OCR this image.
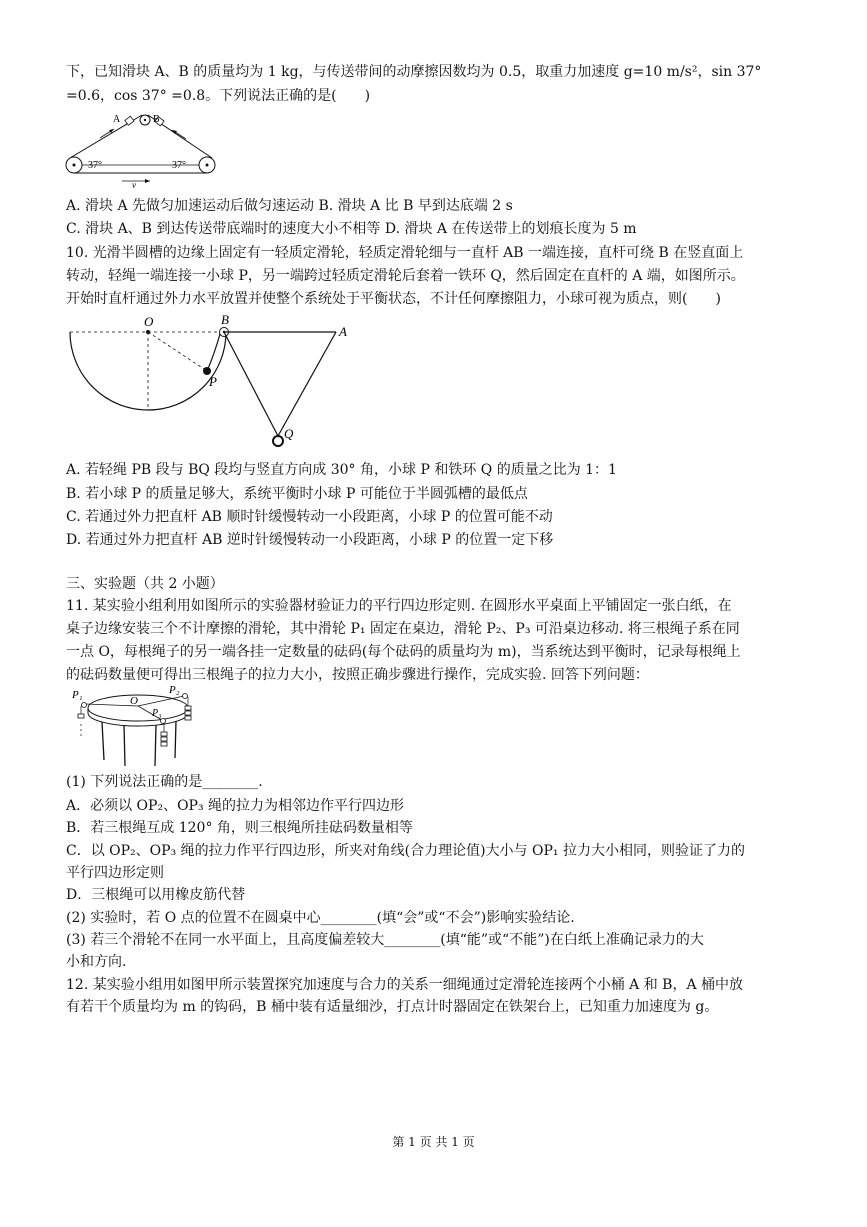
下，已知滑块 A、B 的质量均为 1 kg，与传送带间的动摩擦因数均为 0.5，取重力加速度 g=10 m/s²，sin 37°
=0.6，cos 37° =0.8。下列说法正确的是(　　)
A	B
37°	37°
v
A. 滑块 A 先做匀加速运动后做匀速运动 B. 滑块 A 比 B 早到达底端 2 s
C. 滑块 A、B 到达传送带底端时的速度大小不相等 D. 滑块 A 在传送带上的划痕长度为 5 m
10. 光滑半圆槽的边缘上固定有一轻质定滑轮，轻质定滑轮细与一直杆 AB 一端连接，直杆可绕 B 在竖直面上
转动，轻绳一端连接一小球 P，另一端跨过轻质定滑轮后套着一铁环 Q，然后固定在直杆的 A 端，如图所示。
开始时直杆通过外力水平放置并使整个系统处于平衡状态，不计任何摩擦阻力，小球可视为质点，则(　　)
O	B
A
P
Q
A. 若轻绳 PB 段与 BQ 段均与竖直方向成 30° 角，小球 P 和铁环 Q 的质量之比为 1：1
B. 若小球 P 的质量足够大，系统平衡时小球 P 可能位于半圆弧槽的最低点
C. 若通过外力把直杆 AB 顺时针缓慢转动一小段距离，小球 P 的位置可能不动
D. 若通过外力把直杆 AB 逆时针缓慢转动一小段距离，小球 P 的位置一定下移
三、实验题（共 2 小题）
11. 某实验小组利用如图所示的实验器材验证力的平行四边形定则. 在圆形水平桌面上平铺固定一张白纸，在
桌子边缘安装三个不计摩擦的滑轮，其中滑轮 P₁ 固定在桌边，滑轮 P₂、P₃ 可沿桌边移动. 将三根绳子系在同
一点 O，每根绳子的另一端各挂一定数量的砝码(每个砝码的质量均为 m)，当系统达到平衡时，记录每根绳上
的砝码数量便可得出三根绳子的拉力大小，按照正确步骤进行操作，完成实验. 回答下列问题：
P₁	P₂
P₃
O
(1) 下列说法正确的是________.
A．必须以 OP₂、OP₃ 绳的拉力为相邻边作平行四边形
B．若三根绳互成 120° 角，则三根绳所挂砝码数量相等
C．以 OP₂、OP₃ 绳的拉力作平行四边形，所夹对角线(合力理论值)大小与 OP₁ 拉力大小相同，则验证了力的
平行四边形定则
D．三根绳可以用橡皮筋代替
(2) 实验时，若 O 点的位置不在圆桌中心________(填“会”或“不会”)影响实验结论.
(3) 若三个滑轮不在同一水平面上，且高度偏差较大________(填“能”或“不能”)在白纸上准确记录力的大
小和方向.
12. 某实验小组用如图甲所示装置探究加速度与合力的关系一细绳通过定滑轮连接两个小桶 A 和 B，A 桶中放
有若干个质量均为 m 的钩码，B 桶中装有适量细沙，打点计时器固定在铁架台上，已知重力加速度为 g。
第 1 页 共 1 页
